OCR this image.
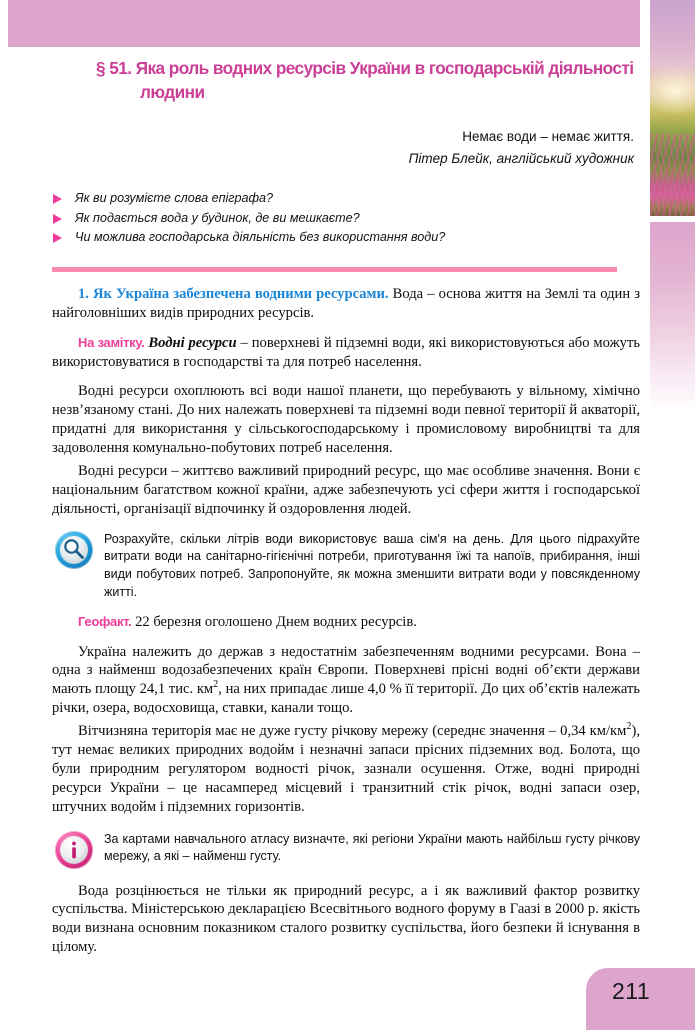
211
§ 51. Яка роль водних ресурсів України в господарській діяльності
людини
Немає води – немає життя.
Пітер Блейк, англійський художник
Як ви розумієте слова епіграфа?
Як подається вода у будинок, де ви мешкаєте?
Чи можлива господарська діяльність без використання води?

1. Як Україна забезпечена водними ресурсами. Вода – основа життя на Землі та один з найголовніших видів природних ресурсів.

На замітку. Водні ресурси – поверхневі й підземні води, які використовуються або можуть використовуватися в господарстві та для потреб населення.

Водні ресурси охоплюють всі води нашої планети, що перебувають у вільному, хімічно незв’язаному стані. До них належать поверхневі та підземні води певної території й акваторії, придатні для використання у сільськогосподарському і промисловому виробництві та для задоволення комунально-побутових потреб населення.

Водні ресурси – життєво важливий природний ресурс, що має особливе значення. Вони є національним багатством кожної країни, адже забезпечують усі сфери життя і господарської діяльності, організації відпочинку й оздоровлення людей.

Розрахуйте, скільки літрів води використовує ваша сім'я на день. Для цього підрахуйте витрати води на санітарно-гігієнічні потреби, приготування їжі та напоїв, прибирання, інші види побутових потреб. Запропонуйте, як можна зменшити витрати води у повсякденному житті.

Геофакт. 22 березня оголошено Днем водних ресурсів.

Україна належить до держав з недостатнім забезпеченням водними ресурсами. Вона – одна з найменш водозабезпечених країн Європи. Поверхневі прісні водні об’єкти держави мають площу 24,1 тис. $км^2$, на них припадає лише 4,0 % її території. До цих об’єктів належать річки, озера, водосховища, ставки, канали тощо.

Вітчизняна територія має не дуже густу річкову мережу (середнє значення – 0,34 $км/км^2$), тут немає великих природних водойм і незначні запаси прісних підземних вод. Болота, що були природним регулятором водності річок, зазнали осушення. Отже, водні природні ресурси України – це насамперед місцевий і транзитний стік річок, водні запаси озер, штучних водойм і підземних горизонтів.

За картами навчального атласу визначте, які регіони України мають найбільш густу річкову мережу, а які – найменш густу.

Вода розцінюється не тільки як природний ресурс, а і як важливий фактор розвитку суспільства. Міністерською декларацією Всесвітнього водного форуму в Гаазі в 2000 р. якість води визнана основним показником сталого розвитку суспільства, його безпеки й існування в цілому.
